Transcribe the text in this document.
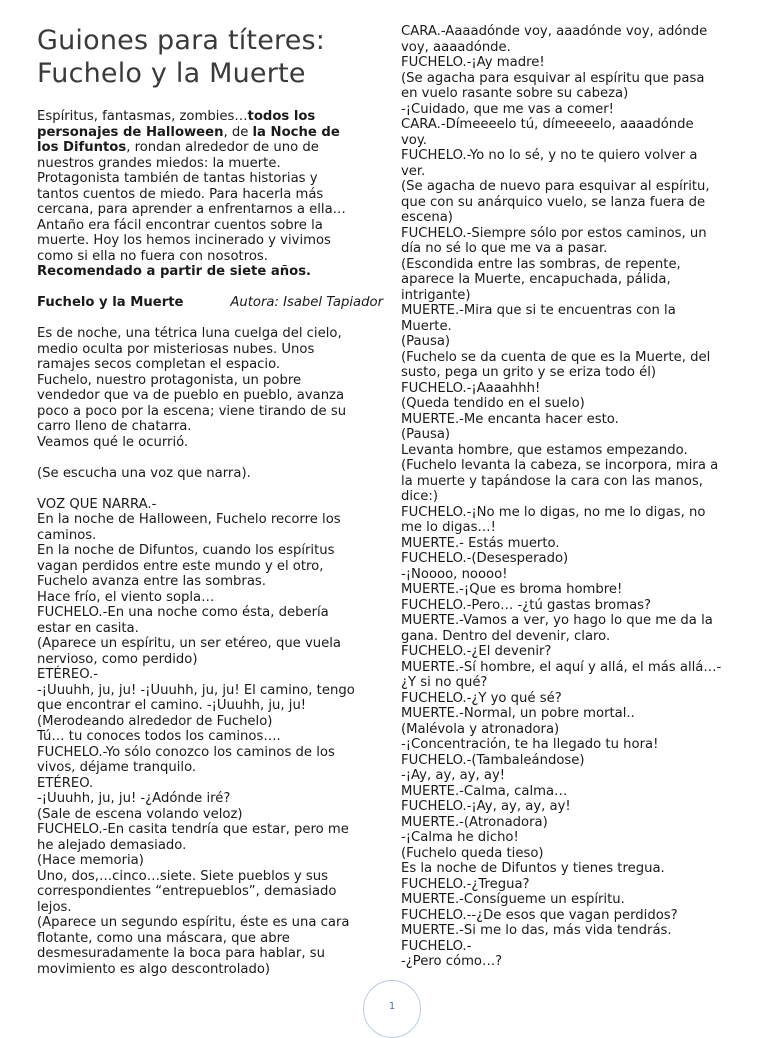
Guiones para títeres:
Fuchelo y la Muerte
Espíritus, fantasmas, zombies…todos los
personajes de Halloween, de la Noche de
los Difuntos, rondan alrededor de uno de
nuestros grandes miedos: la muerte.
Protagonista también de tantas historias y
tantos cuentos de miedo. Para hacerla más
cercana, para aprender a enfrentarnos a ella…
Antaño era fácil encontrar cuentos sobre la
muerte. Hoy los hemos incinerado y vivimos
como si ella no fuera con nosotros.
Recomendado a partir de siete años.
Fuchelo y la Muerte	Autora: Isabel Tapiador
Es de noche, una tétrica luna cuelga del cielo,
medio oculta por misteriosas nubes. Unos
ramajes secos completan el espacio.
Fuchelo, nuestro protagonista, un pobre
vendedor que va de pueblo en pueblo, avanza
poco a poco por la escena; viene tirando de su
carro lleno de chatarra.
Veamos qué le ocurrió.

(Se escucha una voz que narra).

VOZ QUE NARRA.-
En la noche de Halloween, Fuchelo recorre los
caminos.
En la noche de Difuntos, cuando los espíritus
vagan perdidos entre este mundo y el otro,
Fuchelo avanza entre las sombras.
Hace frío, el viento sopla…
FUCHELO.-En una noche como ésta, debería
estar en casita.
(Aparece un espíritu, un ser etéreo, que vuela
nervioso, como perdido)
ETÉREO.-
-¡Uuuhh, ju, ju! -¡Uuuhh, ju, ju! El camino, tengo
que encontrar el camino. -¡Uuuhh, ju, ju!
(Merodeando alrededor de Fuchelo)
Tú… tu conoces todos los caminos….
FUCHELO.-Yo sólo conozco los caminos de los
vivos, déjame tranquilo.
ETÉREO.
-¡Uuuhh, ju, ju! -¿Adónde iré?
(Sale de escena volando veloz)
FUCHELO.-En casita tendría que estar, pero me
he alejado demasiado.
(Hace memoria)
Uno, dos,…cinco…siete. Siete pueblos y sus
correspondientes “entrepueblos”, demasiado
lejos.
(Aparece un segundo espíritu, éste es una cara
flotante, como una máscara, que abre
desmesuradamente la boca para hablar, su
movimiento es algo descontrolado)
CARA.-Aaaadónde voy, aaadónde voy, adónde
voy, aaaadónde.
FUCHELO.-¡Ay madre!
(Se agacha para esquivar al espíritu que pasa
en vuelo rasante sobre su cabeza)
-¡Cuidado, que me vas a comer!
CARA.-Dímeeeelo tú, dímeeeelo, aaaadónde
voy.
FUCHELO.-Yo no lo sé, y no te quiero volver a
ver.
(Se agacha de nuevo para esquivar al espíritu,
que con su anárquico vuelo, se lanza fuera de
escena)
FUCHELO.-Siempre sólo por estos caminos, un
día no sé lo que me va a pasar.
(Escondida entre las sombras, de repente,
aparece la Muerte, encapuchada, pálida,
intrigante)
MUERTE.-Mira que si te encuentras con la
Muerte.
(Pausa)
(Fuchelo se da cuenta de que es la Muerte, del
susto, pega un grito y se eriza todo él)
FUCHELO.-¡Aaaahhh!
(Queda tendido en el suelo)
MUERTE.-Me encanta hacer esto.
(Pausa)
Levanta hombre, que estamos empezando.
(Fuchelo levanta la cabeza, se incorpora, mira a
la muerte y tapándose la cara con las manos,
dice:)
FUCHELO.-¡No me lo digas, no me lo digas, no
me lo digas…!
MUERTE.- Estás muerto.
FUCHELO.-(Desesperado)
-¡Noooo, noooo!
MUERTE.-¡Que es broma hombre!
FUCHELO.-Pero… -¿tú gastas bromas?
MUERTE.-Vamos a ver, yo hago lo que me da la
gana. Dentro del devenir, claro.
FUCHELO.-¿El devenir?
MUERTE.-Sí hombre, el aquí y allá, el más allá…-
¿Y si no qué?
FUCHELO.-¿Y yo qué sé?
MUERTE.-Normal, un pobre mortal..
(Malévola y atronadora)
-¡Concentración, te ha llegado tu hora!
FUCHELO.-(Tambaleándose)
-¡Ay, ay, ay, ay!
MUERTE.-Calma, calma…
FUCHELO.-¡Ay, ay, ay, ay!
MUERTE.-(Atronadora)
-¡Calma he dicho!
(Fuchelo queda tieso)
Es la noche de Difuntos y tienes tregua.
FUCHELO.-¿Tregua?
MUERTE.-Consígueme un espíritu.
FUCHELO.--¿De esos que vagan perdidos?
MUERTE.-Si me lo das, más vida tendrás.
FUCHELO.-
-¿Pero cómo…?
1
